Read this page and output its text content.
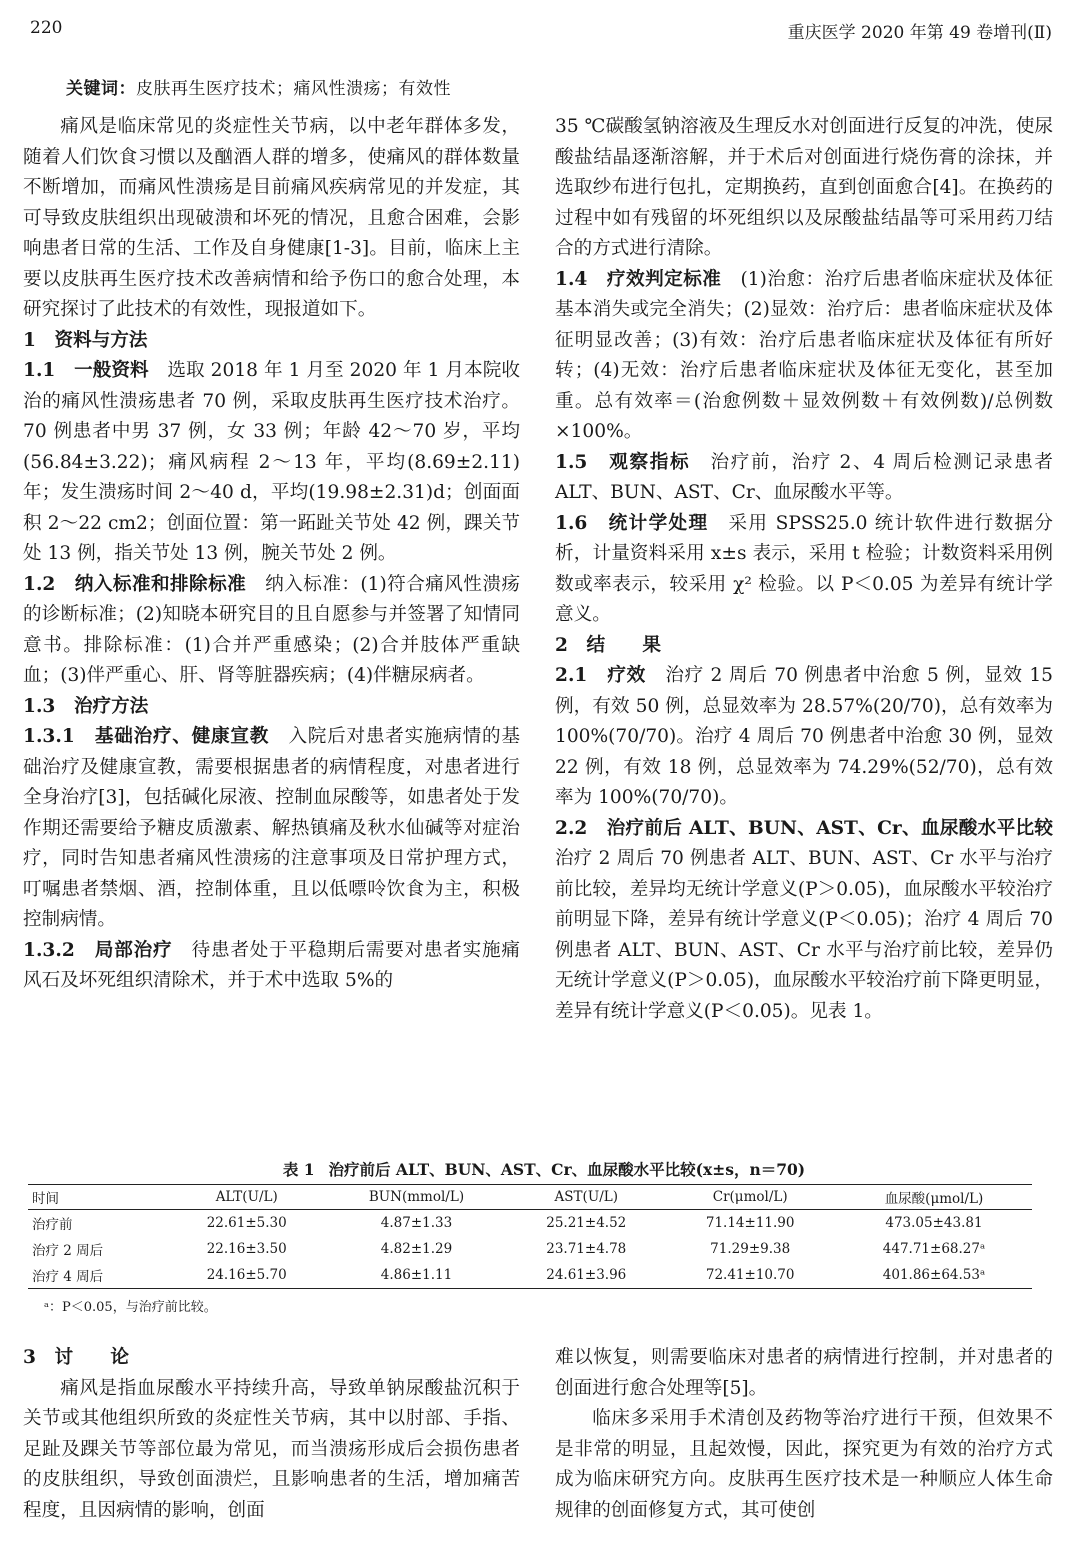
220	重庆医学 2020 年第 49 卷增刊(Ⅱ)
关键词：皮肤再生医疗技术；痛风性溃疡；有效性

痛风是临床常见的炎症性关节病，以中老年群体多发，随着人们饮食习惯以及酗酒人群的增多，使痛风的群体数量不断增加，而痛风性溃疡是目前痛风疾病常见的并发症，其可导致皮肤组织出现破溃和坏死的情况，且愈合困难，会影响患者日常的生活、工作及自身健康[1-3]。目前，临床上主要以皮肤再生医疗技术改善病情和给予伤口的愈合处理，本研究探讨了此技术的有效性，现报道如下。

1　资料与方法

1.1　一般资料　 选取 2018 年 1 月至 2020 年 1 月本院收治的痛风性溃疡患者 70 例，采取皮肤再生医疗技术治疗。70 例患者中男 37 例，女 33 例；年龄 42～70 岁，平均(56.84±3.22)；痛风病程 2～13 年，平均(8.69±2.11)年；发生溃疡时间 2～40 d，平均(19.98±2.31)d；创面面积 2～22 cm2；创面位置：第一跖趾关节处 42 例，踝关节处 13 例，指关节处 13 例，腕关节处 2 例。

1.2　纳入标准和排除标准　 纳入标准：(1)符合痛风性溃疡的诊断标准；(2)知晓本研究目的且自愿参与并签署了知情同意书。排除标准：(1)合并严重感染；(2)合并肢体严重缺血；(3)伴严重心、肝、肾等脏器疾病；(4)伴糖尿病者。

1.3　治疗方法

1.3.1　基础治疗、健康宣教　 入院后对患者实施病情的基础治疗及健康宣教，需要根据患者的病情程度，对患者进行全身治疗[3]，包括碱化尿液、控制血尿酸等，如患者处于发作期还需要给予糖皮质激素、解热镇痛及秋水仙碱等对症治疗，同时告知患者痛风性溃疡的注意事项及日常护理方式，叮嘱患者禁烟、酒，控制体重，且以低嘌呤饮食为主，积极控制病情。

1.3.2　局部治疗　 待患者处于平稳期后需要对患者实施痛风石及坏死组织清除术，并于术中选取 5%的

35 ℃碳酸氢钠溶液及生理反水对创面进行反复的冲洗，使尿酸盐结晶逐渐溶解，并于术后对创面进行烧伤膏的涂抹，并选取纱布进行包扎，定期换药，直到创面愈合[4]。在换药的过程中如有残留的坏死组织以及尿酸盐结晶等可采用药刀结合的方式进行清除。

1.4　疗效判定标准　 (1)治愈：治疗后患者临床症状及体征基本消失或完全消失；(2)显效：治疗后：患者临床症状及体征明显改善；(3)有效：治疗后患者临床症状及体征有所好转；(4)无效：治疗后患者临床症状及体征无变化，甚至加重。总有效率＝(治愈例数＋显效例数＋有效例数)/总例数×100%。

1.5　观察指标　 治疗前，治疗 2、4 周后检测记录患者 ALT、BUN、AST、Cr、血尿酸水平等。

1.6　统计学处理　 采用 SPSS25.0 统计软件进行数据分析，计量资料采用 x±s 表示，采用 t 检验；计数资料采用例数或率表示，较采用 χ² 检验。以 P＜0.05 为差异有统计学意义。

2　结　　果

2.1　疗效　 治疗 2 周后 70 例患者中治愈 5 例，显效 15 例，有效 50 例，总显效率为 28.57%(20/70)，总有效率为 100%(70/70)。治疗 4 周后 70 例患者中治愈 30 例，显效 22 例，有效 18 例，总显效率为 74.29%(52/70)，总有效率为 100%(70/70)。

2.2　治疗前后 ALT、BUN、AST、Cr、血尿酸水平比较　治疗 2 周后 70 例患者 ALT、BUN、AST、Cr 水平与治疗前比较，差异均无统计学意义(P＞0.05)，血尿酸水平较治疗前明显下降，差异有统计学意义(P＜0.05)；治疗 4 周后 70 例患者 ALT、BUN、AST、Cr 水平与治疗前比较，差异仍无统计学意义(P＞0.05)，血尿酸水平较治疗前下降更明显，差异有统计学意义(P＜0.05)。见表 1。

表 1 治疗前后 ALT、BUN、AST、Cr、血尿酸水平比较(x±s，n＝70)
时间	ALT(U/L)	BUN(mmol/L)	AST(U/L)	Cr(μmol/L)	血尿酸(μmol/L)
治疗前	22.61±5.30	4.87±1.33	25.21±4.52	71.14±11.90	473.05±43.81
治疗 2 周后	22.16±3.50	4.82±1.29	23.71±4.78	71.29±9.38	447.71±68.27ᵃ
治疗 4 周后	24.16±5.70	4.86±1.11	24.61±3.96	72.41±10.70	401.86±64.53ᵃ
ᵃ：P＜0.05，与治疗前比较。

3　讨　　论

痛风是指血尿酸水平持续升高，导致单钠尿酸盐沉积于关节或其他组织所致的炎症性关节病，其中以肘部、手指、足趾及踝关节等部位最为常见，而当溃疡形成后会损伤患者的皮肤组织，导致创面溃烂，且影响患者的生活，增加痛苦程度，且因病情的影响，创面

难以恢复，则需要临床对患者的病情进行控制，并对患者的创面进行愈合处理等[5]。

临床多采用手术清创及药物等治疗进行干预，但效果不是非常的明显，且起效慢，因此，探究更为有效的治疗方式成为临床研究方向。皮肤再生医疗技术是一种顺应人体生命规律的创面修复方式，其可使创
